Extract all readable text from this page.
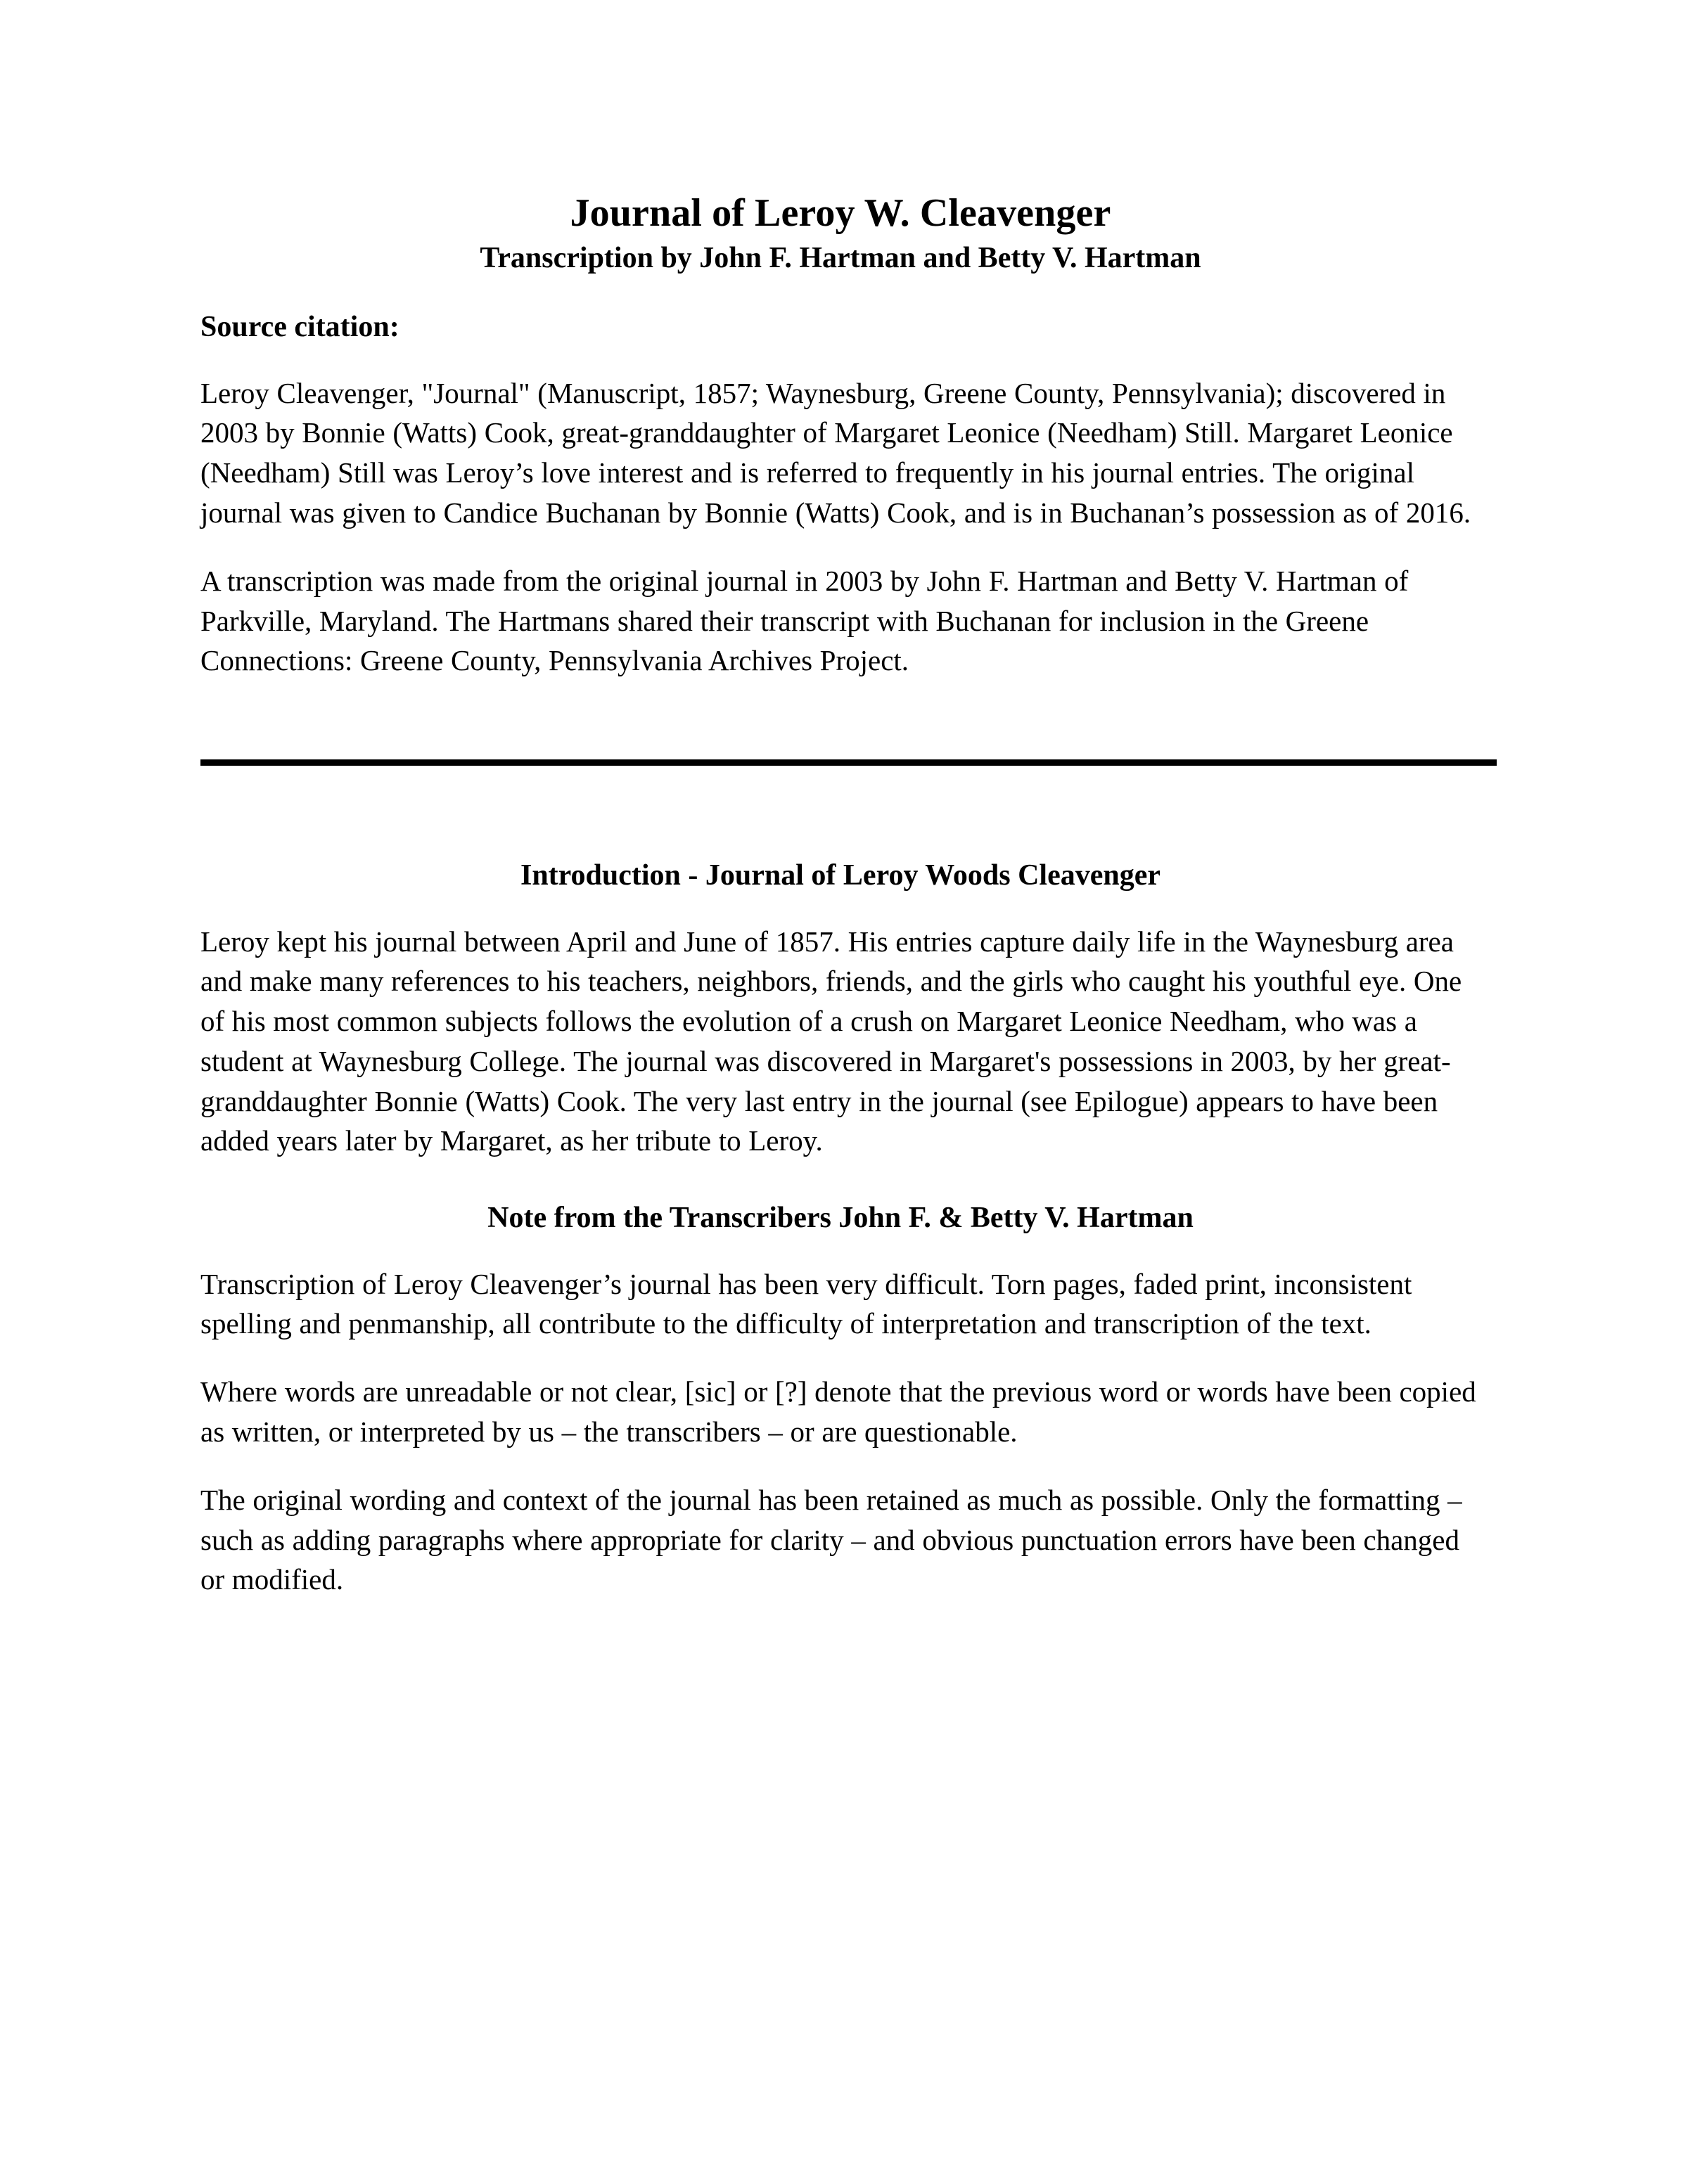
Journal of Leroy W. Cleavenger
Transcription by John F. Hartman and Betty V. Hartman
Source citation:

Leroy Cleavenger, "Journal" (Manuscript, 1857; Waynesburg, Greene County, Pennsylvania); discovered in 2003 by Bonnie (Watts) Cook, great-granddaughter of Margaret Leonice (Needham) Still. Margaret Leonice (Needham) Still was Leroy’s love interest and is referred to frequently in his journal entries. The original journal was given to Candice Buchanan by Bonnie (Watts) Cook, and is in Buchanan’s possession as of 2016.

A transcription was made from the original journal in 2003 by John F. Hartman and Betty V. Hartman of Parkville, Maryland. The Hartmans shared their transcript with Buchanan for inclusion in the Greene Connections: Greene County, Pennsylvania Archives Project.

Introduction - Journal of Leroy Woods Cleavenger

Leroy kept his journal between April and June of 1857. His entries capture daily life in the Waynesburg area and make many references to his teachers, neighbors, friends, and the girls who caught his youthful eye. One of his most common subjects follows the evolution of a crush on Margaret Leonice Needham, who was a student at Waynesburg College. The journal was discovered in Margaret's possessions in 2003, by her great-granddaughter Bonnie (Watts) Cook. The very last entry in the journal (see Epilogue) appears to have been added years later by Margaret, as her tribute to Leroy.

Note from the Transcribers John F. & Betty V. Hartman

Transcription of Leroy Cleavenger’s journal has been very difficult. Torn pages, faded print, inconsistent spelling and penmanship, all contribute to the difficulty of interpretation and transcription of the text.

Where words are unreadable or not clear, [sic] or [?] denote that the previous word or words have been copied as written, or interpreted by us – the transcribers – or are questionable.

The original wording and context of the journal has been retained as much as possible. Only the formatting – such as adding paragraphs where appropriate for clarity – and obvious punctuation errors have been changed or modified.
